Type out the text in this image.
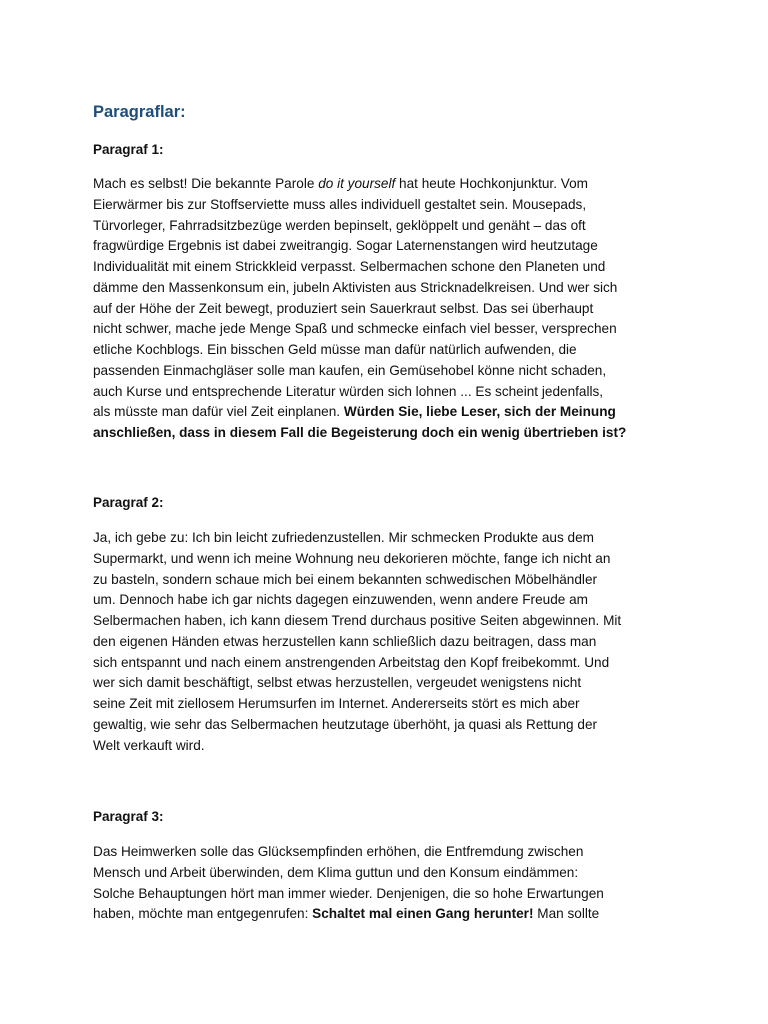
Paragraflar:
Paragraf 1:
Mach es selbst! Die bekannte Parole do it yourself hat heute Hochkonjunktur. Vom
Eierwärmer bis zur Stoffserviette muss alles individuell gestaltet sein. Mousepads,
Türvorleger, Fahrradsitzbezüge werden bepinselt, geklöppelt und genäht – das oft
fragwürdige Ergebnis ist dabei zweitrangig. Sogar Laternenstangen wird heutzutage
Individualität mit einem Strickkleid verpasst. Selbermachen schone den Planeten und
dämme den Massenkonsum ein, jubeln Aktivisten aus Stricknadelkreisen. Und wer sich
auf der Höhe der Zeit bewegt, produziert sein Sauerkraut selbst. Das sei überhaupt
nicht schwer, mache jede Menge Spaß und schmecke einfach viel besser, versprechen
etliche Kochblogs. Ein bisschen Geld müsse man dafür natürlich aufwenden, die
passenden Einmachgläser solle man kaufen, ein Gemüsehobel könne nicht schaden,
auch Kurse und entsprechende Literatur würden sich lohnen ... Es scheint jedenfalls,
als müsste man dafür viel Zeit einplanen. Würden Sie, liebe Leser, sich der Meinung
anschließen, dass in diesem Fall die Begeisterung doch ein wenig übertrieben ist?
Paragraf 2:
Ja, ich gebe zu: Ich bin leicht zufriedenzustellen. Mir schmecken Produkte aus dem
Supermarkt, und wenn ich meine Wohnung neu dekorieren möchte, fange ich nicht an
zu basteln, sondern schaue mich bei einem bekannten schwedischen Möbelhändler
um. Dennoch habe ich gar nichts dagegen einzuwenden, wenn andere Freude am
Selbermachen haben, ich kann diesem Trend durchaus positive Seiten abgewinnen. Mit
den eigenen Händen etwas herzustellen kann schließlich dazu beitragen, dass man
sich entspannt und nach einem anstrengenden Arbeitstag den Kopf freibekommt. Und
wer sich damit beschäftigt, selbst etwas herzustellen, vergeudet wenigstens nicht
seine Zeit mit ziellosem Herumsurfen im Internet. Andererseits stört es mich aber
gewaltig, wie sehr das Selbermachen heutzutage überhöht, ja quasi als Rettung der
Welt verkauft wird.
Paragraf 3:
Das Heimwerken solle das Glücksempfinden erhöhen, die Entfremdung zwischen
Mensch und Arbeit überwinden, dem Klima guttun und den Konsum eindämmen:
Solche Behauptungen hört man immer wieder. Denjenigen, die so hohe Erwartungen
haben, möchte man entgegenrufen: Schaltet mal einen Gang herunter! Man sollte
